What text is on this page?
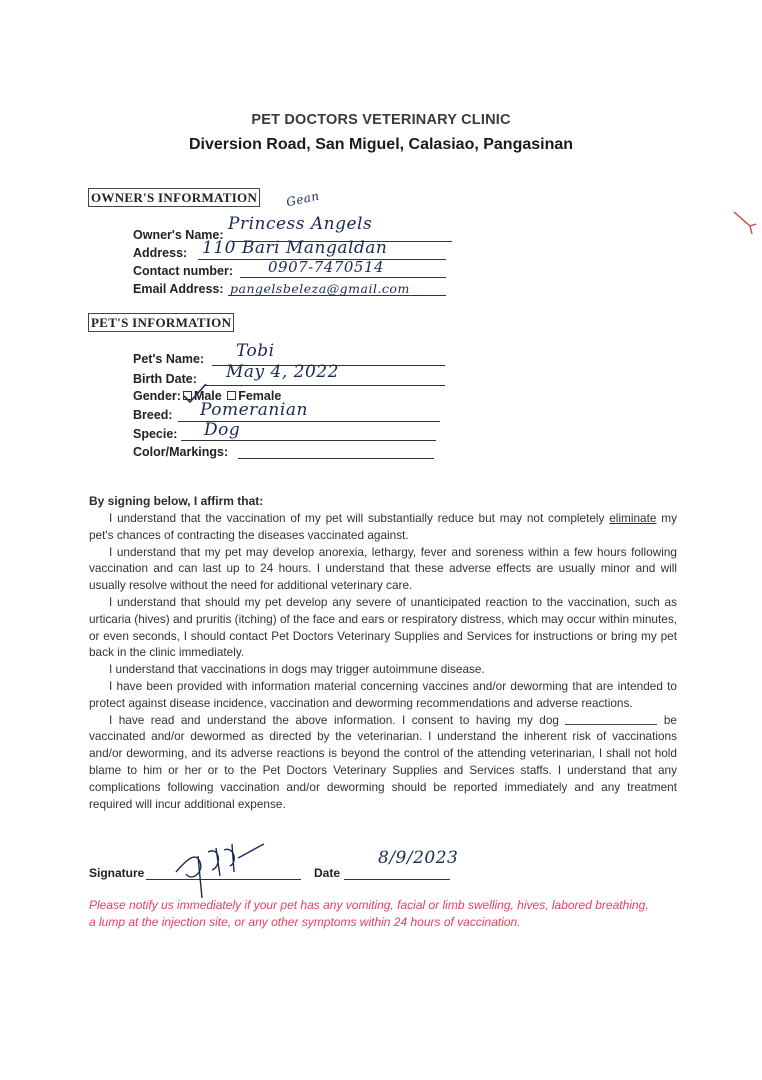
PET DOCTORS VETERINARY CLINIC
Diversion Road, San Miguel, Calasiao, Pangasinan
OWNER'S INFORMATION Gean
Owner's Name:
Princess Angels
Address: 110 Bari Mangaldan
Contact number: 0907-7470514
Email Address: pangelsbeleza@gmail.com
PET'S INFORMATION
Pet's Name: Tobi
Birth Date: May 4, 2022
Gender: Male Female
Breed: Pomeranian
Specie: Dog
Color/Markings:
By signing below, I affirm that:

I understand that the vaccination of my pet will substantially reduce but may not completely eliminate my pet's chances of contracting the diseases vaccinated against.

I understand that my pet may develop anorexia, lethargy, fever and soreness within a few hours following vaccination and can last up to 24 hours. I understand that these adverse effects are usually minor and will usually resolve without the need for additional veterinary care.

I understand that should my pet develop any severe of unanticipated reaction to the vaccination, such as urticaria (hives) and pruritis (itching) of the face and ears or respiratory distress, which may occur within minutes, or even seconds, I should contact Pet Doctors Veterinary Supplies and Services for instructions or bring my pet back in the clinic immediately.

I understand that vaccinations in dogs may trigger autoimmune disease.

I have been provided with information material concerning vaccines and/or deworming that are intended to protect against disease incidence, vaccination and deworming recommendations and adverse reactions.

I have read and understand the above information. I consent to having my dog	be vaccinated and/or dewormed as directed by the veterinarian. I understand the inherent risk of vaccinations and/or deworming, and its adverse reactions is beyond the control of the attending veterinarian, I shall not hold blame to him or her or to the Pet Doctors Veterinary Supplies and Services staffs. I understand that any complications following vaccination and/or deworming should be reported immediately and any treatment required will incur additional expense.

Signature	Date
8/9/2023
Please notify us immediately if your pet has any vomiting, facial or limb swelling, hives, labored breathing, a lump at the injection site, or any other symptoms within 24 hours of vaccination.
